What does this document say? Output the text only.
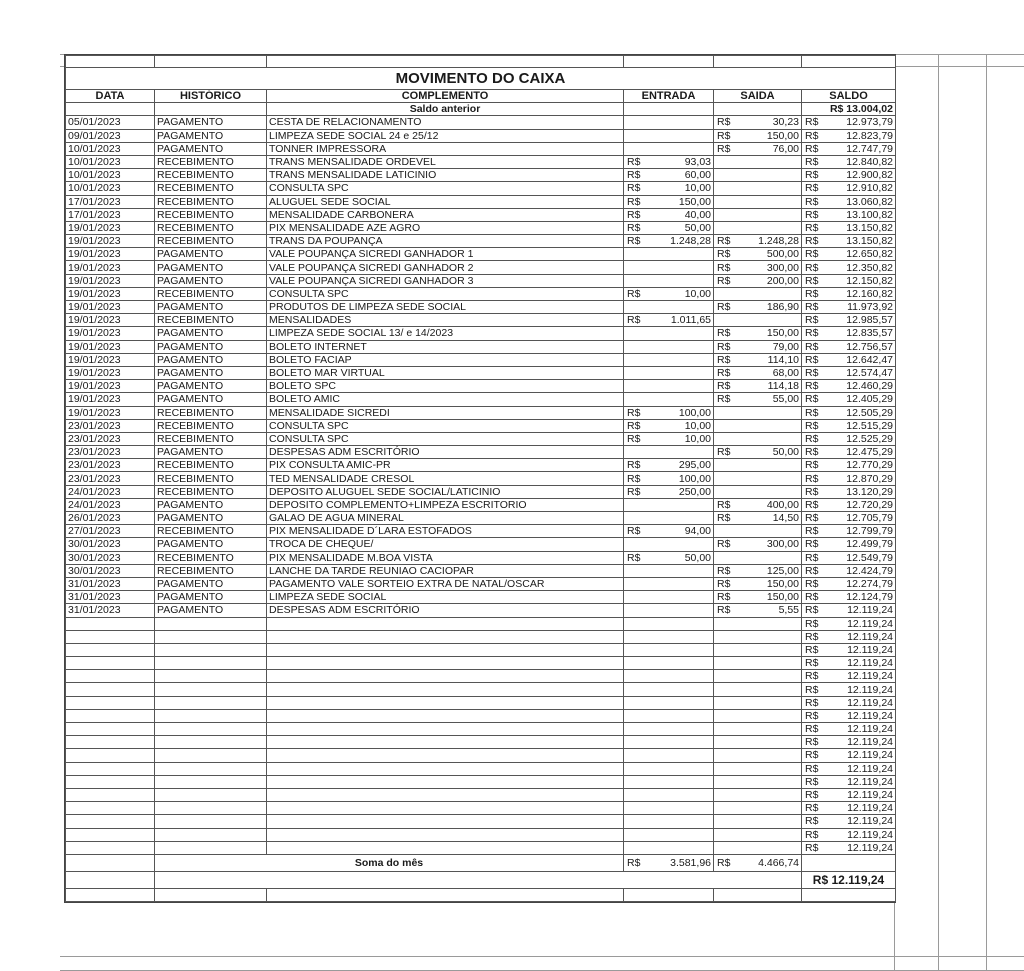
MOVIMENTO DO CAIXA					
DATA	HISTÓRICO	COMPLEMENTO	ENTRADA	SAIDA	SALDO
		Saldo anterior			R$ 13.004,02
05/01/2023	PAGAMENTO	CESTA DE RELACIONAMENTO		R$ 30,23	R$ 12.973,79

09/01/2023	PAGAMENTO	LIMPEZA SEDE SOCIAL 24 e 25/12		R$ 150,00	R$ 12.823,79

10/01/2023	PAGAMENTO	TONNER IMPRESSORA		R$ 76,00	R$ 12.747,79

10/01/2023	RECEBIMENTO	TRANS MENSALIDADE ORDEVEL	R$ 93,03		R$ 12.840,82

10/01/2023	RECEBIMENTO	TRANS MENSALIDADE LATICINIO	R$ 60,00		R$ 12.900,82

10/01/2023	RECEBIMENTO	CONSULTA SPC	R$ 10,00		R$ 12.910,82

17/01/2023	RECEBIMENTO	ALUGUEL SEDE SOCIAL	R$ 150,00		R$ 13.060,82

17/01/2023	RECEBIMENTO	MENSALIDADE CARBONERA	R$ 40,00		R$ 13.100,82

19/01/2023	RECEBIMENTO	PIX MENSALIDADE AZE AGRO	R$ 50,00		R$ 13.150,82

19/01/2023	RECEBIMENTO	TRANS DA POUPANÇA	R$ 1.248,28	R$ 1.248,28	R$ 13.150,82

19/01/2023	PAGAMENTO	VALE POUPANÇA SICREDI GANHADOR 1		R$ 500,00	R$ 12.650,82

19/01/2023	PAGAMENTO	VALE POUPANÇA SICREDI GANHADOR 2		R$ 300,00	R$ 12.350,82

19/01/2023	PAGAMENTO	VALE POUPANÇA SICREDI GANHADOR 3		R$ 200,00	R$ 12.150,82

19/01/2023	RECEBIMENTO	CONSULTA SPC	R$ 10,00		R$ 12.160,82

19/01/2023	PAGAMENTO	PRODUTOS DE LIMPEZA SEDE SOCIAL		R$ 186,90	R$ 11.973,92

19/01/2023	RECEBIMENTO	MENSALIDADES	R$ 1.011,65		R$ 12.985,57

19/01/2023	PAGAMENTO	LIMPEZA SEDE SOCIAL 13/ e 14/2023		R$ 150,00	R$ 12.835,57

19/01/2023	PAGAMENTO	BOLETO INTERNET		R$ 79,00	R$ 12.756,57

19/01/2023	PAGAMENTO	BOLETO FACIAP		R$ 114,10	R$ 12.642,47

19/01/2023	PAGAMENTO	BOLETO MAR VIRTUAL		R$ 68,00	R$ 12.574,47

19/01/2023	PAGAMENTO	BOLETO SPC		R$ 114,18	R$ 12.460,29

19/01/2023	PAGAMENTO	BOLETO AMIC		R$ 55,00	R$ 12.405,29

19/01/2023	RECEBIMENTO	MENSALIDADE SICREDI	R$ 100,00		R$ 12.505,29

23/01/2023	RECEBIMENTO	CONSULTA SPC	R$ 10,00		R$ 12.515,29

23/01/2023	RECEBIMENTO	CONSULTA SPC	R$ 10,00		R$ 12.525,29

23/01/2023	PAGAMENTO	DESPESAS ADM ESCRITÓRIO		R$ 50,00	R$ 12.475,29

23/01/2023	RECEBIMENTO	PIX CONSULTA AMIC-PR	R$ 295,00		R$ 12.770,29

23/01/2023	RECEBIMENTO	TED MENSALIDADE CRESOL	R$ 100,00		R$ 12.870,29

24/01/2023	RECEBIMENTO	DEPOSITO ALUGUEL SEDE SOCIAL/LATICINIO	R$ 250,00		R$ 13.120,29

24/01/2023	PAGAMENTO	DEPOSITO COMPLEMENTO+LIMPEZA ESCRITORIO		R$ 400,00	R$ 12.720,29

26/01/2023	PAGAMENTO	GALAO DE AGUA MINERAL		R$ 14,50	R$ 12.705,79

27/01/2023	RECEBIMENTO	PIX MENSALIDADE D´LARA ESTOFADOS	R$ 94,00		R$ 12.799,79

30/01/2023	PAGAMENTO	TROCA DE CHEQUE/		R$ 300,00	R$ 12.499,79

30/01/2023	RECEBIMENTO	PIX MENSALIDADE M.BOA VISTA	R$ 50,00		R$ 12.549,79

30/01/2023	RECEBIMENTO	LANCHE DA TARDE REUNIAO CACIOPAR		R$ 125,00	R$ 12.424,79

31/01/2023	PAGAMENTO	PAGAMENTO VALE SORTEIO EXTRA DE NATAL/OSCAR		R$ 150,00	R$ 12.274,79

31/01/2023	PAGAMENTO	LIMPEZA SEDE SOCIAL		R$ 150,00	R$ 12.124,79

31/01/2023	PAGAMENTO	DESPESAS ADM ESCRITÓRIO		R$ 5,55	R$ 12.119,24

					R$ 12.119,24

					R$ 12.119,24

					R$ 12.119,24

					R$ 12.119,24

					R$ 12.119,24

					R$ 12.119,24

					R$ 12.119,24

					R$ 12.119,24

					R$ 12.119,24

					R$ 12.119,24

					R$ 12.119,24

					R$ 12.119,24

					R$ 12.119,24

					R$ 12.119,24

					R$ 12.119,24

					R$ 12.119,24

					R$ 12.119,24

					R$ 12.119,24

	Soma do mês		R$ 3.581,96	R$ 4.466,74	

					R$ 12.119,24
